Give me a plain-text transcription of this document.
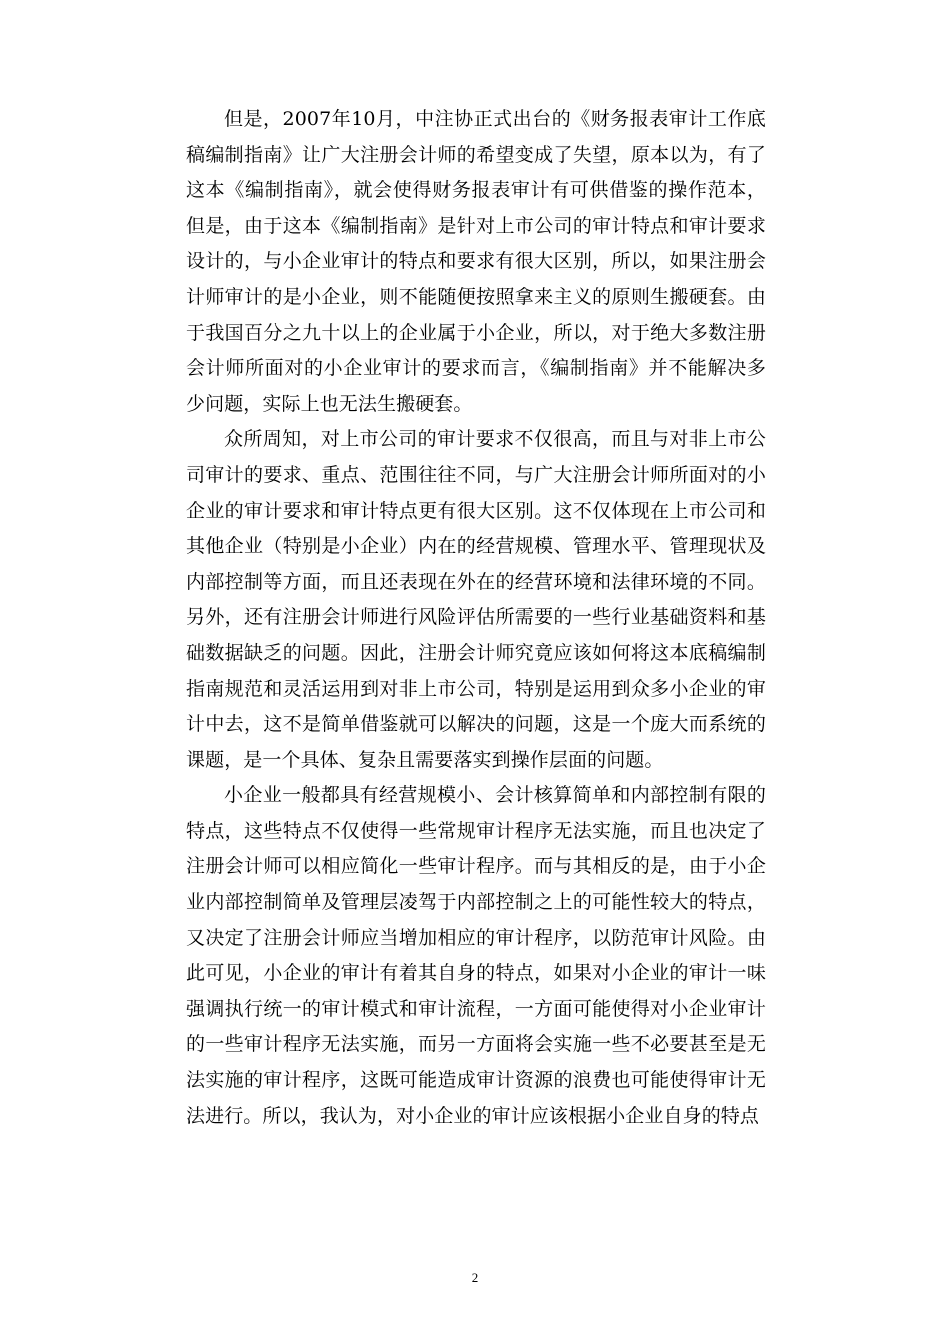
但是，2007年10月，中注协正式出台的《财务报表审计工作底稿编制指南》让广大注册会计师的希望变成了失望，原本以为，有了这本《编制指南》，就会使得财务报表审计有可供借鉴的操作范本，但是，由于这本《编制指南》是针对上市公司的审计特点和审计要求设计的，与小企业审计的特点和要求有很大区别，所以，如果注册会计师审计的是小企业，则不能随便按照拿来主义的原则生搬硬套。由于我国百分之九十以上的企业属于小企业，所以，对于绝大多数注册会计师所面对的小企业审计的要求而言，《编制指南》并不能解决多少问题，实际上也无法生搬硬套。

众所周知，对上市公司的审计要求不仅很高，而且与对非上市公司审计的要求、重点、范围往往不同，与广大注册会计师所面对的小企业的审计要求和审计特点更有很大区别。这不仅体现在上市公司和其他企业（特别是小企业）内在的经营规模、管理水平、管理现状及内部控制等方面，而且还表现在外在的经营环境和法律环境的不同。另外，还有注册会计师进行风险评估所需要的一些行业基础资料和基础数据缺乏的问题。因此，注册会计师究竟应该如何将这本底稿编制指南规范和灵活运用到对非上市公司，特别是运用到众多小企业的审计中去，这不是简单借鉴就可以解决的问题，这是一个庞大而系统的课题，是一个具体、复杂且需要落实到操作层面的问题。

小企业一般都具有经营规模小、会计核算简单和内部控制有限的特点，这些特点不仅使得一些常规审计程序无法实施，而且也决定了注册会计师可以相应简化一些审计程序。而与其相反的是，由于小企业内部控制简单及管理层凌驾于内部控制之上的可能性较大的特点，又决定了注册会计师应当增加相应的审计程序，以防范审计风险。由此可见，小企业的审计有着其自身的特点，如果对小企业的审计一味强调执行统一的审计模式和审计流程，一方面可能使得对小企业审计的一些审计程序无法实施，而另一方面将会实施一些不必要甚至是无法实施的审计程序，这既可能造成审计资源的浪费也可能使得审计无法进行。所以，我认为，对小企业的审计应该根据小企业自身的特点

2
